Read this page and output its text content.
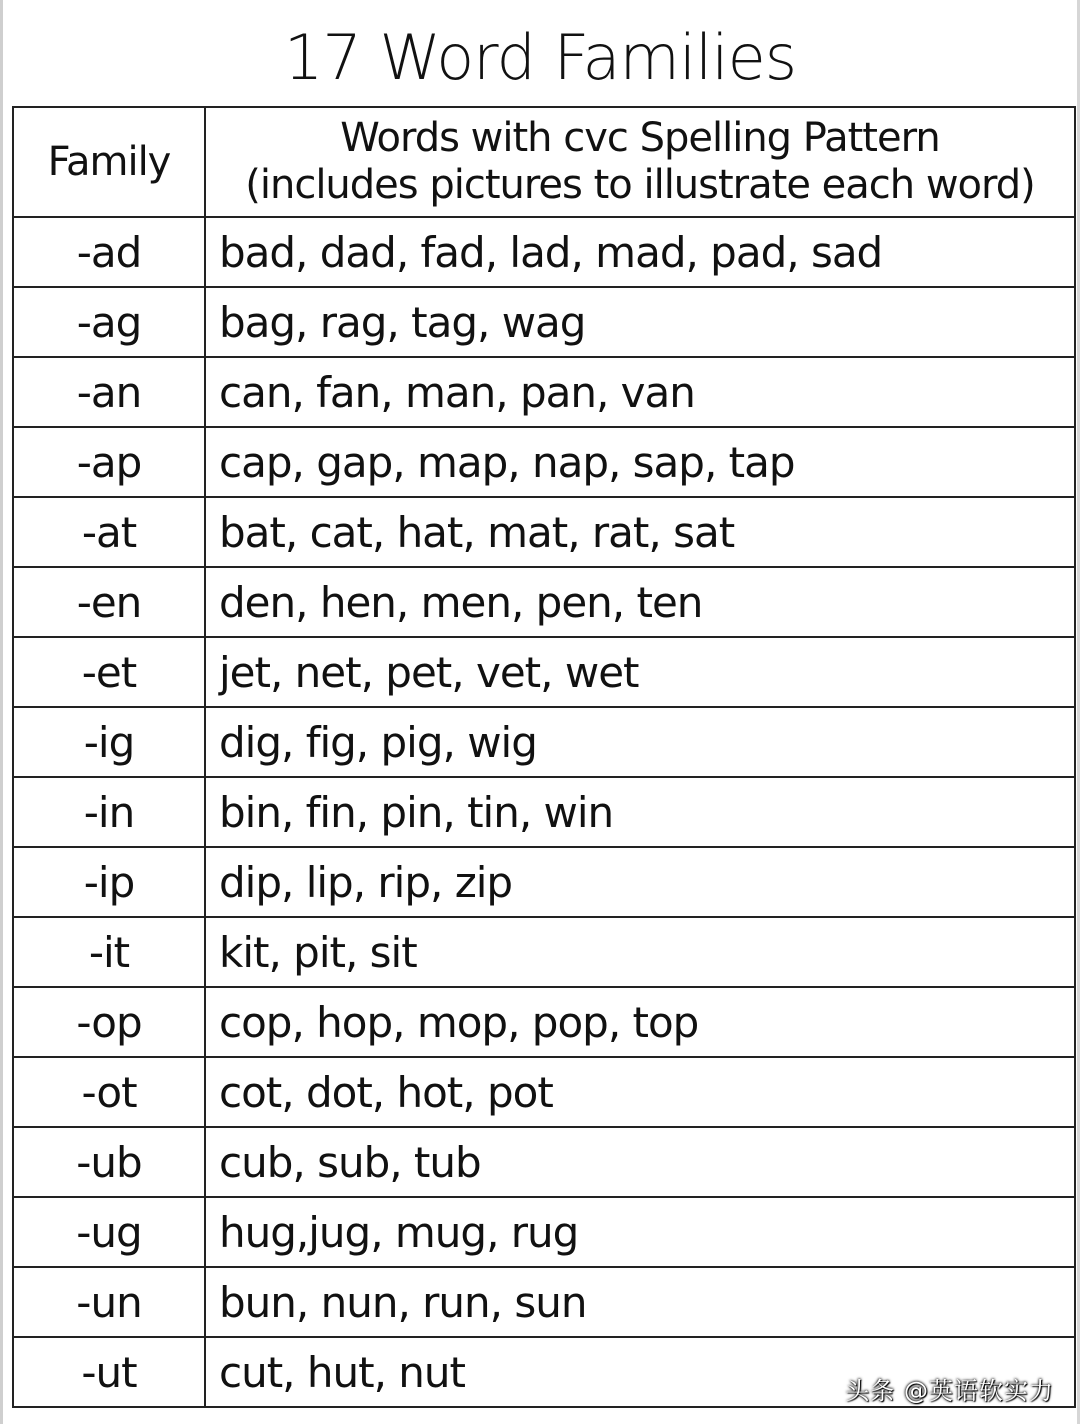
17 Word Families
Family	Words with cvc Spelling Pattern
(includes pictures to illustrate each word)

-ad	bad, dad, fad, lad, mad, pad, sad
-ag	bag, rag, tag, wag
-an	can, fan, man, pan, van
-ap	cap, gap, map, nap, sap, tap
-at	bat, cat, hat, mat, rat, sat
-en	den, hen, men, pen, ten
-et	jet, net, pet, vet, wet
-ig	dig, fig, pig, wig
-in	bin, fin, pin, tin, win
-ip	dip, lip, rip, zip
-it	kit, pit, sit
-op	cop, hop, mop, pop, top
-ot	cot, dot, hot, pot
-ub	cub, sub, tub
-ug	hug,jug, mug, rug
-un	bun, nun, run, sun
-ut	cut, hut, nut	头条 @英语软实力
